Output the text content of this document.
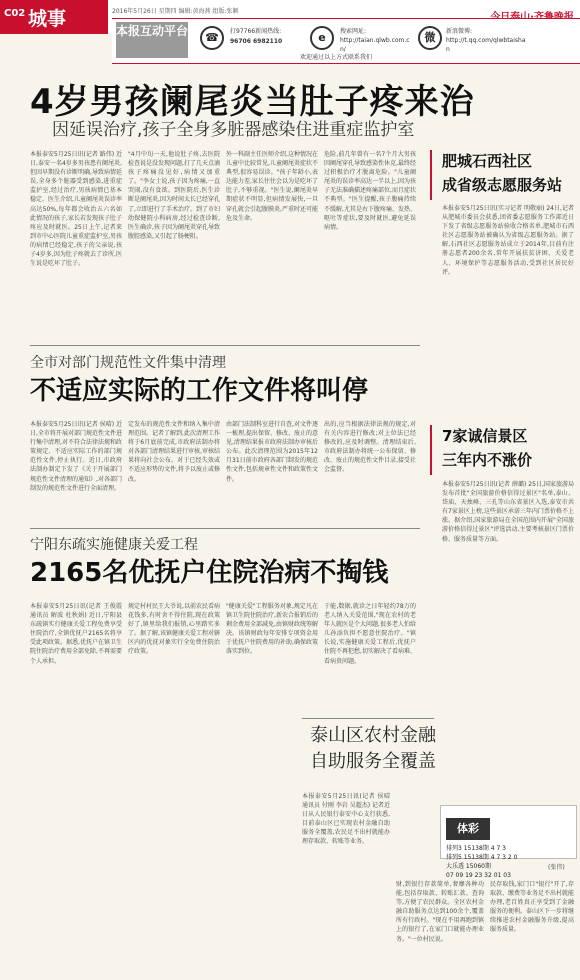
C02 城事	2016年5月26日 星期四 编辑:黄海燕 组版:张颖
本报互动平台	☎	打97766新闻热线:
96706 6982110	e	搜索网址:
http://taian.qlwb.com.cn/
微	新浪微博:
http://t.qq.com/qlwbtaishan
欢迎通过以上方式联系我们
4岁男孩阑尾炎当肚子疼来治
因延误治疗,孩子全身多脏器感染住进重症监护室
本报泰安5月25日讯(记者 路伟) 近日,泰安一名4岁多男孩患有阑尾炎,但因早期没有诊断明确,导致病情延误,全身多个脏器受到感染,进重症监护室,经过治疗,男孩病情已基本稳定。医生介绍,儿童阑尾炎误诊率高达50%,每年都会收治五六名如此情况的孩子,家长若发现孩子肚子疼应及时就医。25日上午,记者来到市中心医院儿童重症监护室,男孩的病情已经稳定,孩子的父亲说,孩子4岁多,因为肚子疼就去了诊所,医生说是吃坏了肚子。
"4月中旬一天,他说肚子疼,去医院检查说是没发现问题,打了几天点滴孩子疼痛没见好,病情又加重了。"李女士说,孩子因为疼痛,一直哭闹,没有食欲。到医院后,医生诊断是阑尾炎,因为时间太长已经穿孔了,立即进行了手术治疗。到了市妇幼保健院小科病房,经过检查诊断,医生确诊,孩子因为阑尾炎穿孔导致腹腔感染,又引起了肠梗阻。
外一科副主任医师介绍,这种情况在儿童中比较常见,儿童阑尾炎症状不典型,很容易误诊。"孩子年龄小,表达能力差,家长往往会以为是吃坏了肚子,不够重视。"医生说,阑尾炎早期症状不明显,但病情发展快,一旦穿孔就会引起腹膜炎,严重时还可能危及生命。
危险,前几年曾有一名7个月大男孩因阑尾穿孔导致感染性休克,最终经过积极治疗才脱离危险。"儿童阑尾炎的误诊率高达一半以上,因为孩子无法准确描述疼痛部位,而且症状不典型。"医生提醒,孩子腹痛持续不缓解,尤其是右下腹疼痛、发热、呕吐等症状,要及时就医,避免延误病情。
肥城石西社区
成省级志愿服务站
本报泰安5月25日讯(实习记者 明敬丽) 24日,记者从肥城市委员会获悉,团省委志愿服务工作部近日下发了省级志愿服务站验收合格名单,肥城市石西社区志愿服务站被确认为省级志愿服务站。据了解,石西社区志愿服务站成立于2014年,目前有注册志愿者200余名,常年开展扶贫济困、关爱老人、环境保护等志愿服务活动,受到社区居民好评。
全市对部门规范性文件集中清理
不适应实际的工作文件将叫停
本报泰安5月25日讯(记者 侯晴) 近日,全市将开展对部门规范性文件进行集中清理,对不符合法律法规和政策规定、不适应实际工作的部门规范性文件,停止执行。近日,市政府法制办制定下发了《关于开展部门规范性文件清理的通知》,对各部门制发的规范性文件进行全面清理。
定发布的规范性文件和纳入集中清理范围。记者了解到,此次清理工作将于6月底前完成,市政府法制办将对各部门清理结果进行审核,审核结果将向社会公布。对于已经失效或不适应形势的文件,将予以废止或修改。
由部门法制科室进行自查,对文件逐一梳理,提出保留、修改、废止的意见,清理结果报市政府法制办审核后公布。此次清理范围为2015年12月31日前市政府各部门制发的规范性文件,包括规章性文件和政策性文件。
出的,应当根据法律法规的规定,对有关内容进行修改;对上位法已经修改的,应及时调整。清理结束后,市政府法制办将统一公布保留、修改、废止的规范性文件目录,接受社会监督。
7家诚信景区
三年内不涨价
本报泰安5月25日讯(记者 薛璐) 25日,国家旅游局发布首批"全国旅游价格信得过景区"名单,泰山、岱庙、天烛峰、三孔等山东省景区入选,泰安市共有7家景区上榜,这些景区承诺三年内门票价格不上涨。据介绍,国家旅游局在全国范围内开展"全国旅游价格信得过景区"评选活动,主要考核景区门票价格、服务质量等方面。
宁阳东疏实施健康关爱工程
2165名优抚户住院治病不掏钱
本报泰安5月25日讯(记者 王俊霞 通讯员 解波 杜秋娟) 近日,宁阳县东疏镇实行健康关爱工程免费享受住院治疗,全镇优抚户2165名将享受此项政策。据悉,优抚户在镇卫生院住院治疗费用全部免除,不再需要个人承担。
规定村村民王大爷说,以前农民看病花钱多,有时舍不得住院,现在政策好了,镇里给我们报销,心里踏实多了。据了解,该镇健康关爱工程对辖区内的优抚对象实行全免费住院治疗政策。
"健康关爱"工程服务对象,规定凡在镇卫生院住院治疗,新农合报销后的剩余费用全部减免,由镇财政统筹解决。该镇财政每年安排专项资金用于优抚户住院费用的补助,确保政策落实到位。
于能,数据,就诊之日年轻约78万的老人纳入关爱范围,"现在农村的老年人就医是个大问题,很多老人怕给儿孙添负担不愿意住院治疗。"镇长说,实施健康关爱工程后,优抚户住院不再犯愁,切实解决了看病难、看病贵问题。
体彩
排列3 15138期 4 7 3
排列5 15138期 4 7 3 2 0
大乐透 15060期
07 09 19 23 32 01 03
(张伟)
泰山区农村金融
自助服务全覆盖
本报泰安5月25日讯(记者 侯晴 通讯员 付刚 李岩 吴超杰) 记者近日从人民银行泰安中心支行获悉,目前泰山区已实现农村金融自助服务全覆盖,农民足不出村就能办理存取款、转账等业务。
财,到银行存款简单,奢靡各种功能,包括存取款、转账汇款、查询等,方便了农民群众。全区农村金融自助服务点达到100余个,覆盖所有行政村。"现在不用再跑到镇上的银行了,在家门口就能办理业务。"一位村民说。
民存取钱,家门口"银行"开了,存取款、缴费等业务足不出村就能办理,老百姓真正享受到了金融服务的便利。泰山区下一步将继续推进农村金融服务升级,提高服务质量。
